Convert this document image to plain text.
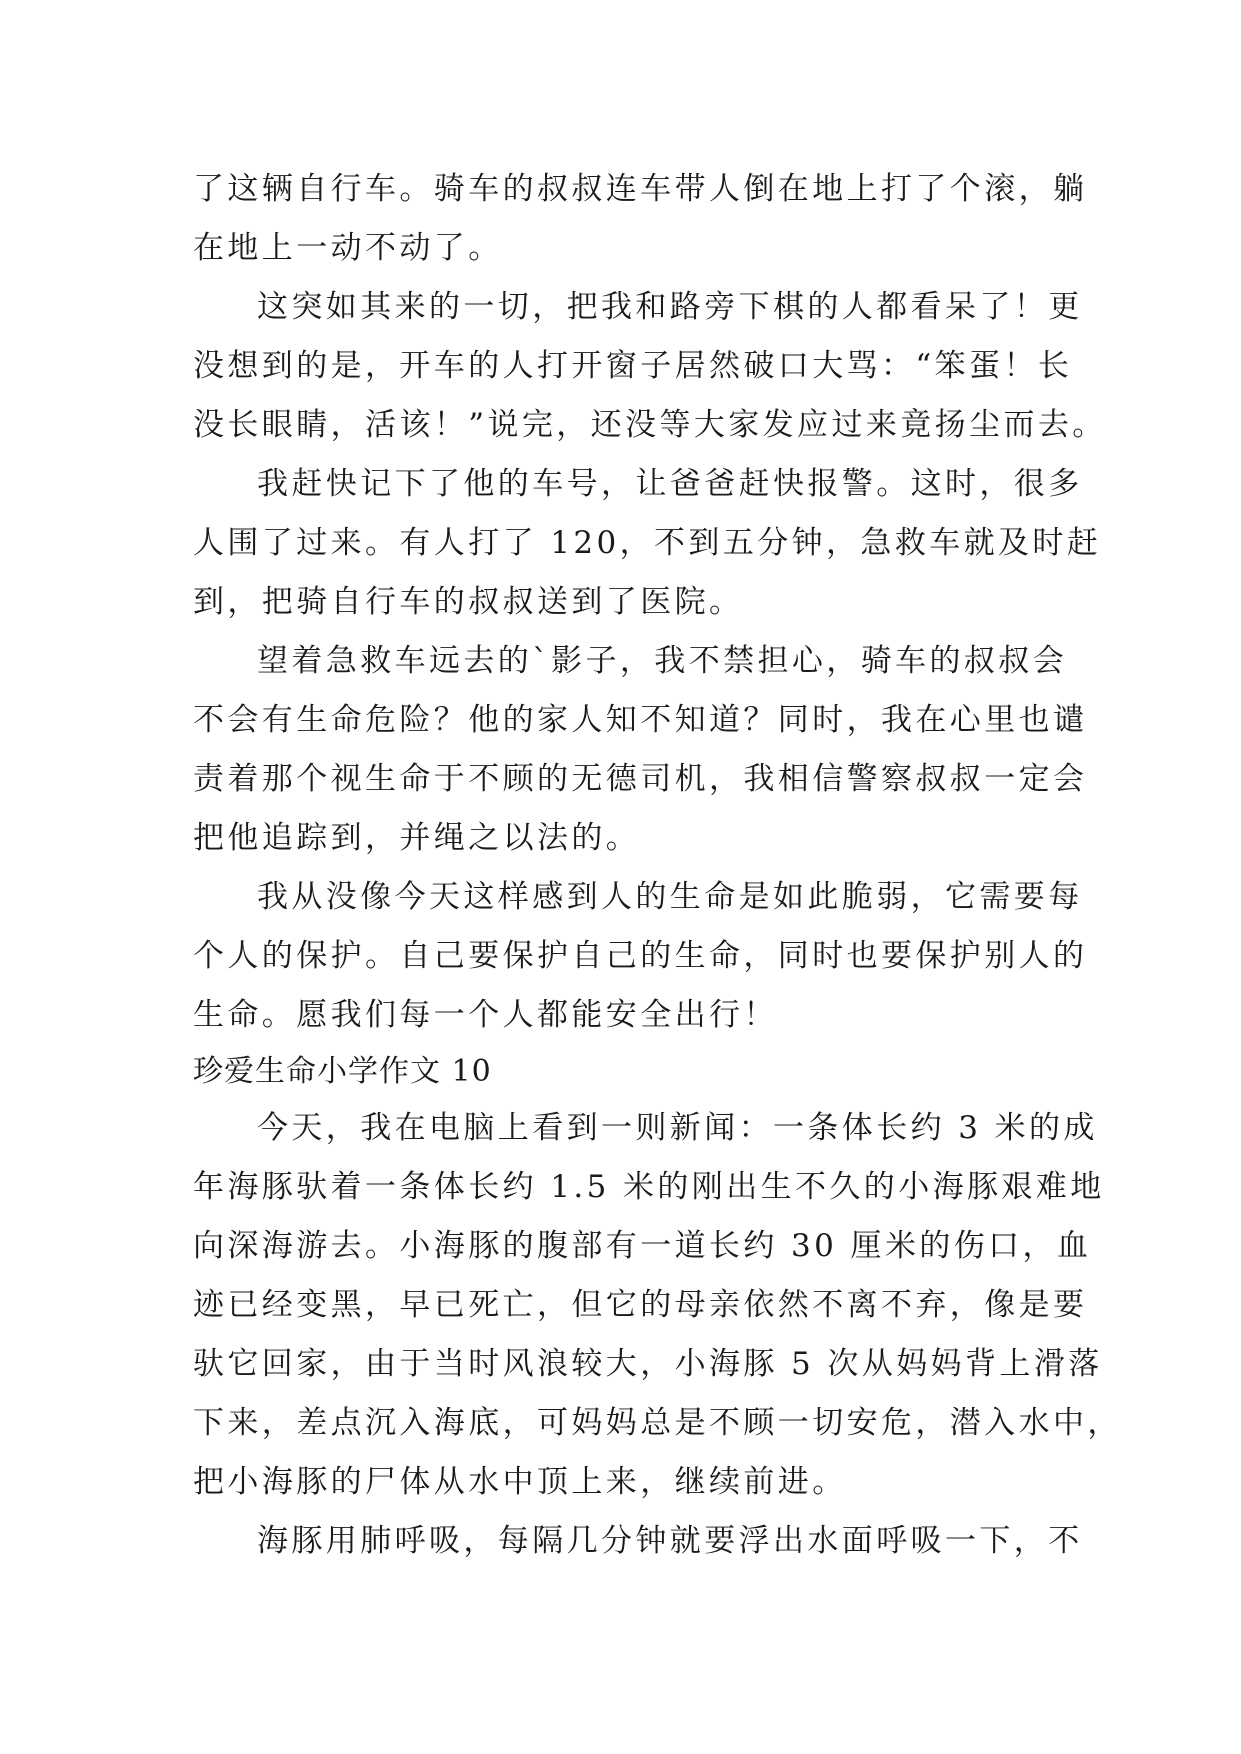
了这辆自行车。骑车的叔叔连车带人倒在地上打了个滚，躺
在地上一动不动了。
这突如其来的一切，把我和路旁下棋的人都看呆了！更
没想到的是，开车的人打开窗子居然破口大骂：“笨蛋！长
没长眼睛，活该！”说完，还没等大家发应过来竟扬尘而去。
我赶快记下了他的车号，让爸爸赶快报警。这时，很多
人围了过来。有人打了 120，不到五分钟，急救车就及时赶
到，把骑自行车的叔叔送到了医院。
望着急救车远去的`影子，我不禁担心，骑车的叔叔会
不会有生命危险？他的家人知不知道？同时，我在心里也谴
责着那个视生命于不顾的无德司机，我相信警察叔叔一定会
把他追踪到，并绳之以法的。
我从没像今天这样感到人的生命是如此脆弱，它需要每
个人的保护。自己要保护自己的生命，同时也要保护别人的
生命。愿我们每一个人都能安全出行！
珍爱生命小学作文 10
今天，我在电脑上看到一则新闻：一条体长约 3 米的成
年海豚驮着一条体长约 1.5 米的刚出生不久的小海豚艰难地
向深海游去。小海豚的腹部有一道长约 30 厘米的伤口，血
迹已经变黑，早已死亡，但它的母亲依然不离不弃，像是要
驮它回家，由于当时风浪较大，小海豚 5 次从妈妈背上滑落
下来，差点沉入海底，可妈妈总是不顾一切安危，潜入水中，
把小海豚的尸体从水中顶上来，继续前进。
海豚用肺呼吸，每隔几分钟就要浮出水面呼吸一下，不
